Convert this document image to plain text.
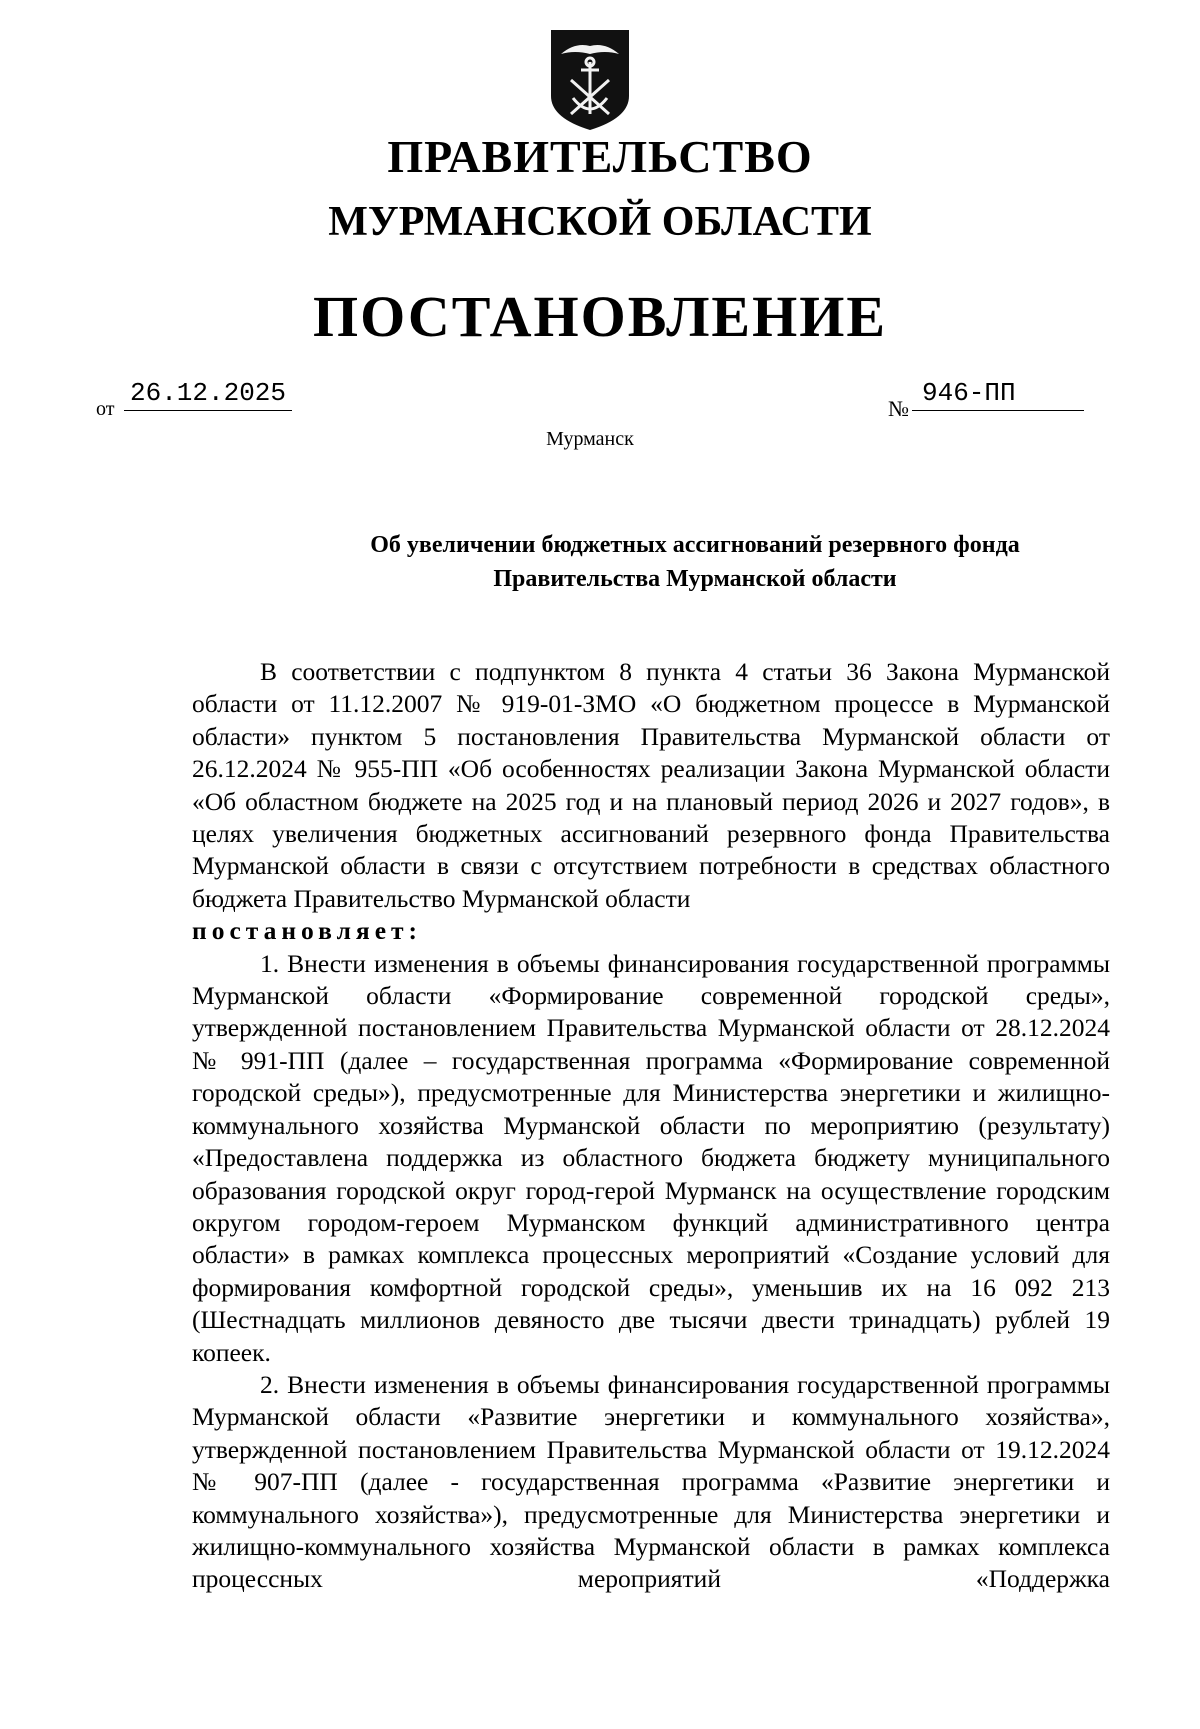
ПРАВИТЕЛЬСТВО
МУРМАНСКОЙ ОБЛАСТИ
ПОСТАНОВЛЕНИЕ
от
26.12.2025
№
946-ПП
Мурманск
Об увеличении бюджетных ассигнований резервного фонда
Правительства Мурманской области

В соответствии с подпунктом 8 пункта 4 статьи 36 Закона Мурманской области от 11.12.2007 № 919-01-ЗМО «О бюджетном процессе в Мурманской области» пунктом 5 постановления Правительства Мурманской области от 26.12.2024 № 955-ПП «Об особенностях реализации Закона Мурманской области «Об областном бюджете на 2025 год и на плановый период 2026 и 2027 годов», в целях увеличения бюджетных ассигнований резервного фонда Правительства Мурманской области в связи с отсутствием потребности в средствах областного бюджета Правительство Мурманской области

постановляет:

1. Внести изменения в объемы финансирования государственной программы Мурманской области «Формирование современной городской среды», утвержденной постановлением Правительства Мурманской области от 28.12.2024 № 991-ПП (далее – государственная программа «Формирование современной городской среды»), предусмотренные для Министерства энергетики и жилищно-коммунального хозяйства Мурманской области по мероприятию (результату) «Предоставлена поддержка из областного бюджета бюджету муниципального образования городской округ город-герой Мурманск на осуществление городским округом городом-героем Мурманском функций административного центра области» в рамках комплекса процессных мероприятий «Создание условий для формирования комфортной городской среды», уменьшив их на 16 092 213 (Шестнадцать миллионов девяносто две тысячи двести тринадцать) рублей 19 копеек.

2. Внести изменения в объемы финансирования государственной программы Мурманской области «Развитие энергетики и коммунального хозяйства», утвержденной постановлением Правительства Мурманской области от 19.12.2024 № 907-ПП (далее - государственная программа «Развитие энергетики и коммунального хозяйства»), предусмотренные для Министерства энергетики и жилищно-коммунального хозяйства Мурманской области в рамках комплекса процессных мероприятий «Поддержка
